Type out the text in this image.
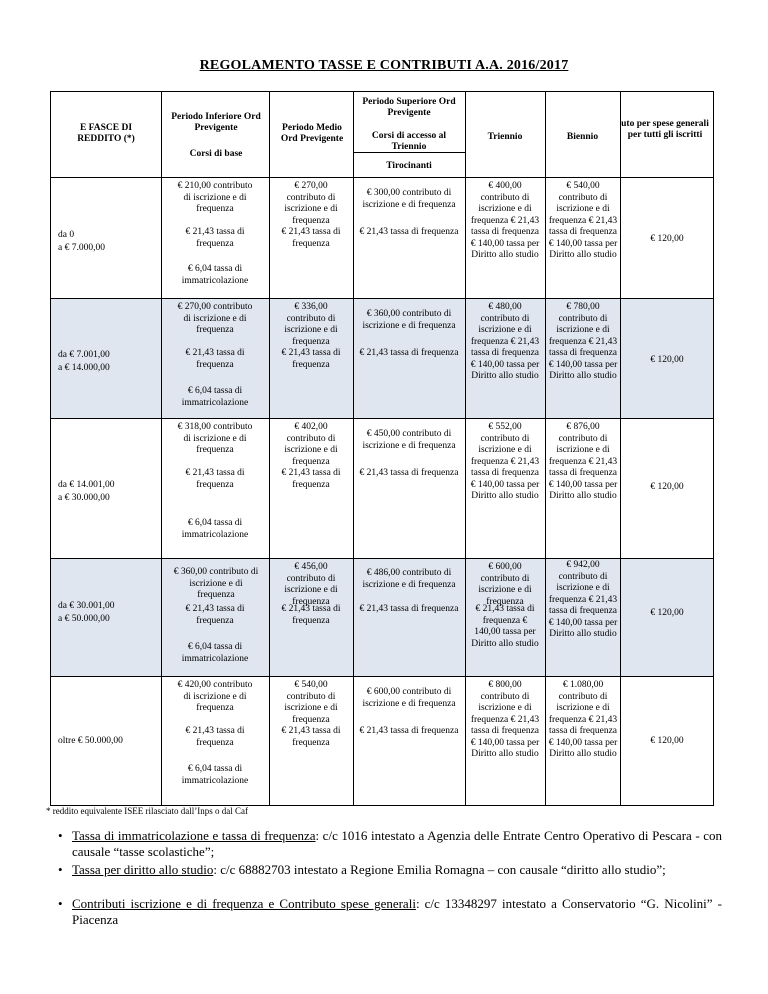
REGOLAMENTO TASSE E CONTRIBUTI A.A. 2016/2017
E FASCE DI REDDITO (*)
Periodo Inferiore Ord Previgente
Corsi di base
Periodo Medio Ord Previgente
Periodo Superiore Ord Previgente
Corsi di accesso al Triennio
Tirocinanti
Triennio	Biennio
uto per spese generali per tutti gli iscritti
da 0
a € 7.000,00
€ 210,00 contributo di iscrizione e di frequenza
€ 21,43 tassa di frequenza
€ 6,04 tassa di immatricolazione
€ 270,00 contributo di iscrizione e di frequenza
€ 21,43 tassa di frequenza
€ 300,00 contributo di iscrizione e di frequenza
€ 21,43 tassa di frequenza
€ 400,00 contributo di iscrizione e di frequenza € 21,43 tassa di frequenza € 140,00 tassa per Diritto allo studio
€ 540,00 contributo di iscrizione e di frequenza € 21,43 tassa di frequenza € 140,00 tassa per Diritto allo studio
€ 120,00
da € 7.001,00
a € 14.000,00
€ 270,00 contributo di iscrizione e di frequenza
€ 21,43 tassa di frequenza
€ 6,04 tassa di immatricolazione
€ 336,00 contributo di iscrizione e di frequenza
€ 21,43 tassa di frequenza
€ 360,00 contributo di iscrizione e di frequenza
€ 21,43 tassa di frequenza
€ 480,00 contributo di iscrizione e di frequenza € 21,43 tassa di frequenza € 140,00 tassa per Diritto allo studio
€ 780,00 contributo di iscrizione e di frequenza € 21,43 tassa di frequenza € 140,00 tassa per Diritto allo studio
€ 120,00
da € 14.001,00
a € 30.000,00
€ 318,00 contributo di iscrizione e di frequenza
€ 21,43 tassa di frequenza
€ 6,04 tassa di immatricolazione
€ 402,00 contributo di iscrizione e di frequenza
€ 21,43 tassa di frequenza
€ 450,00 contributo di iscrizione e di frequenza
€ 21,43 tassa di frequenza
€ 552,00 contributo di iscrizione e di frequenza € 21,43 tassa di frequenza € 140,00 tassa per Diritto allo studio
€ 876,00 contributo di iscrizione e di frequenza € 21,43 tassa di frequenza € 140,00 tassa per Diritto allo studio
€ 120,00
da € 30.001,00
a € 50.000,00
€ 360,00 contributo di iscrizione e di frequenza
€ 21,43 tassa di frequenza
€ 6,04 tassa di immatricolazione
€ 456,00 contributo di iscrizione e di frequenza
€ 21,43 tassa di frequenza
€ 486,00 contributo di iscrizione e di frequenza
€ 21,43 tassa di frequenza
€ 600,00 contributo di iscrizione e di frequenza
€ 21,43 tassa di frequenza € 140,00 tassa per Diritto allo studio
€ 942,00 contributo di iscrizione e di frequenza € 21,43 tassa di frequenza € 140,00 tassa per Diritto allo studio
€ 120,00
oltre € 50.000,00
€ 420,00 contributo di iscrizione e di frequenza
€ 21,43 tassa di frequenza
€ 6,04 tassa di immatricolazione
€ 540,00 contributo di iscrizione e di frequenza
€ 21,43 tassa di frequenza
€ 600,00 contributo di iscrizione e di frequenza
€ 21,43 tassa di frequenza
€ 800,00 contributo di iscrizione e di frequenza € 21,43 tassa di frequenza € 140,00 tassa per Diritto allo studio
€ 1.080,00 contributo di iscrizione e di frequenza € 21,43 tassa di frequenza € 140,00 tassa per Diritto allo studio
€ 120,00
* reddito equivalente ISEE rilasciato dall’Inps o dal Caf
• Tassa di immatricolazione e tassa di frequenza: c/c 1016 intestato a Agenzia delle Entrate Centro Operativo di Pescara - con causale “tasse scolastiche”;
• Tassa per diritto allo studio: c/c 68882703 intestato a Regione Emilia Romagna – con causale “diritto allo studio”;
• Contributi iscrizione e di frequenza e Contributo spese generali: c/c 13348297 intestato a Conservatorio “G. Nicolini” - Piacenza
